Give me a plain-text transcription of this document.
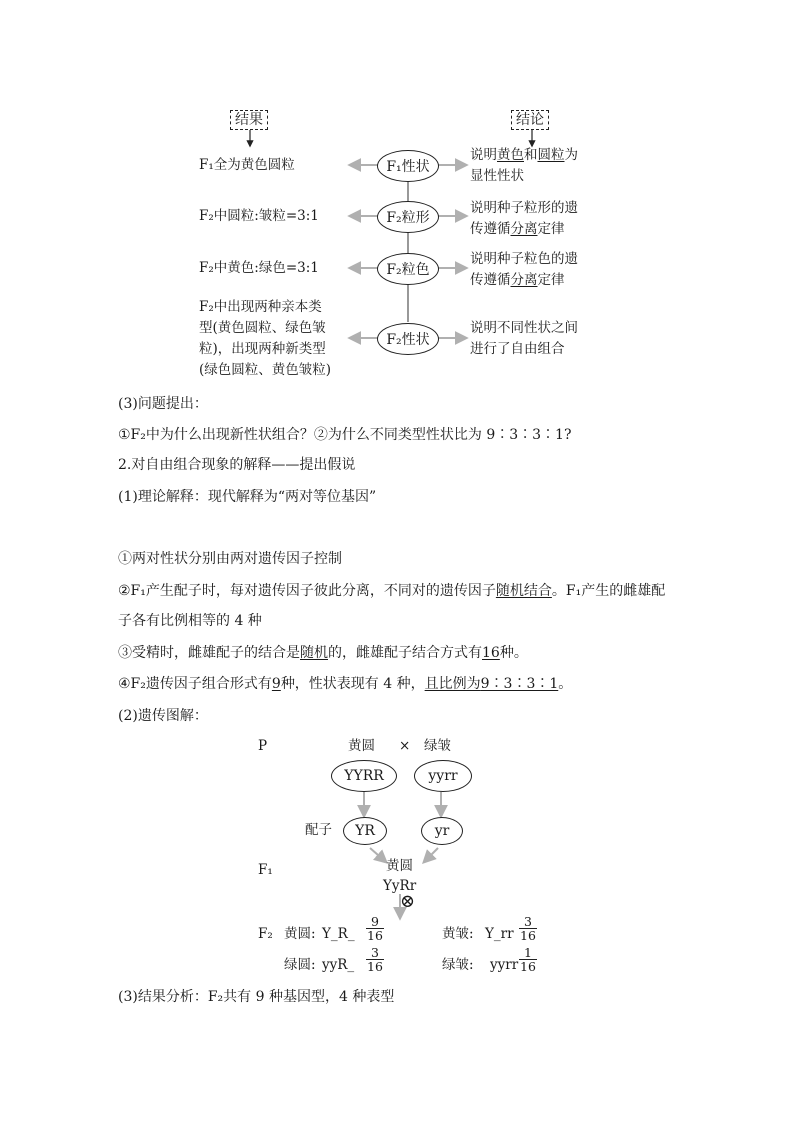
结果	结论
F₁全为黄色圆粒
F₂中圆粒:皱粒=3:1
F₂中黄色:绿色=3:1
F₂中出现两种亲本类
型(黄色圆粒、绿色皱
粒)，出现两种新类型
(绿色圆粒、黄色皱粒)
F₁性状
F₂粒形
F₂粒色
F₂性状
说明黄色和圆粒为
显性性状
说明种子粒形的遗
传遵循分离定律
说明种子粒色的遗
传遵循分离定律
说明不同性状之间
进行了自由组合
(3)问题提出：
①F₂中为什么出现新性状组合？②为什么不同类型性状比为 9∶3∶3∶1?
2.对自由组合现象的解释——提出假说
(1)理论解释：现代解释为“两对等位基因”
①两对性状分别由两对遗传因子控制
②F₁产生配子时，每对遗传因子彼此分离，不同对的遗传因子随机结合。F₁产生的雌雄配
子各有比例相等的 4 种
③受精时，雌雄配子的结合是随机的，雌雄配子结合方式有16种。
④F₂遗传因子组合形式有9种，性状表现有 4 种，且比例为9∶3∶3∶1。
(2)遗传图解：
P	黄圆 × 绿皱
YYRR	yyrr
配子	YR	yr
F₁	黄圆
YyRr
⊗
F₂ 黄圆: Y_R_
9
16	黄皱: Y_rr
3
16
绿圆: yyR_
3
16	绿皱: yyrr
1
16
(3)结果分析：F₂共有 9 种基因型，4 种表型
